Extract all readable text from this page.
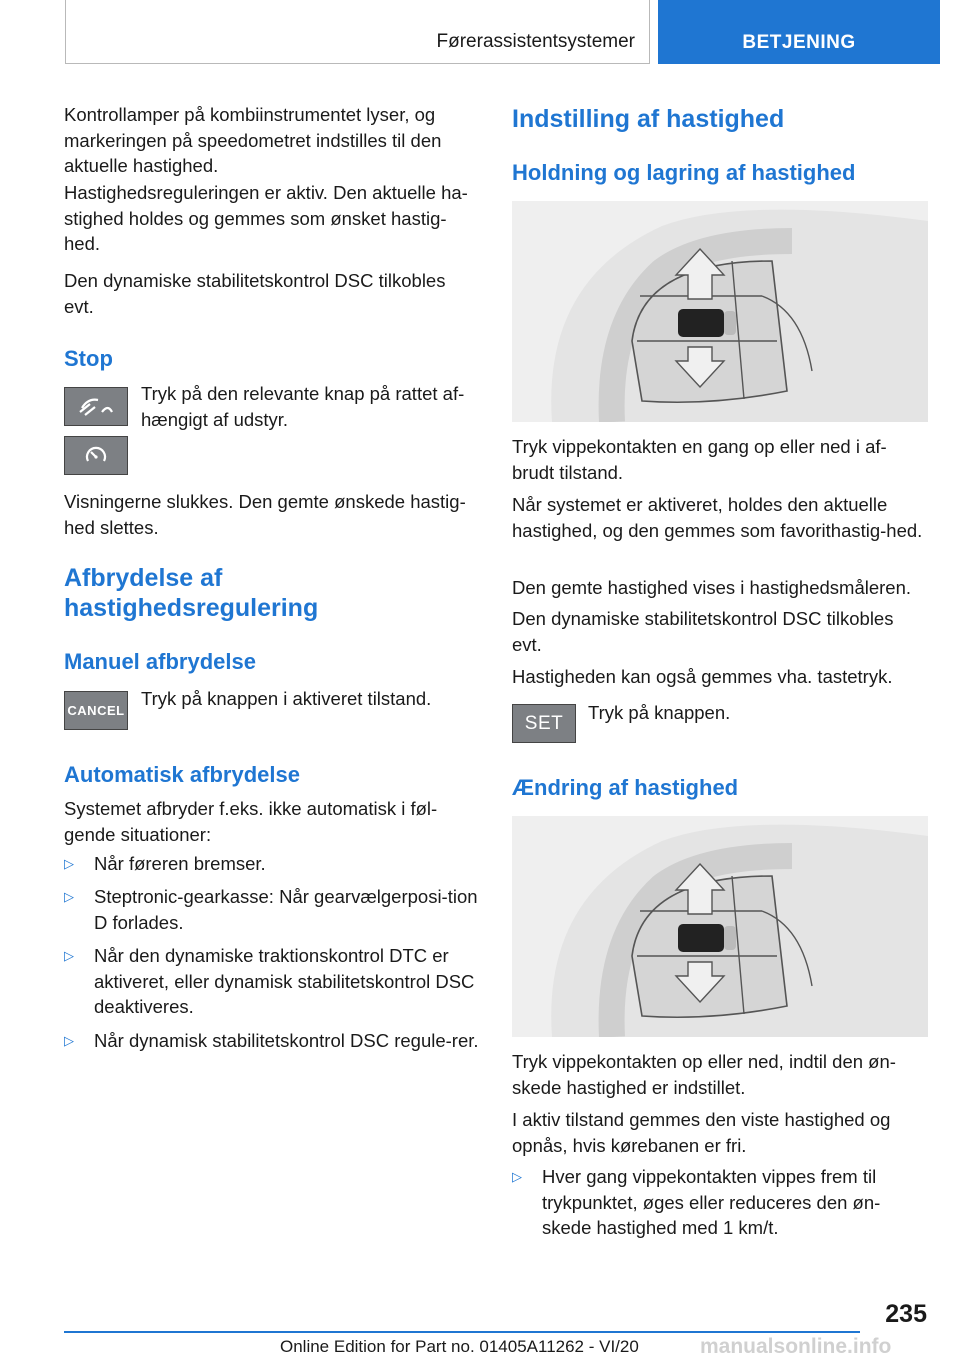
Førerassistentsystemer	BETJENING

Kontrollamper på kombiinstrumentet lyser, og markeringen på speedometret indstilles til den aktuelle hastighed.

Hastighedsreguleringen er aktiv. Den aktuelle ha-stighed holdes og gemmes som ønsket hastig-hed.

Den dynamiske stabilitetskontrol DSC tilkobles evt.

Stop

Tryk på den relevante knap på rattet af-hængigt af udstyr.

Visningerne slukkes. Den gemte ønskede hastig-hed slettes.

Afbrydelse af hastighedsregulering
Manuel afbrydelse
CANCEL

Tryk på knappen i aktiveret tilstand.

Automatisk afbrydelse

Systemet afbryder f.eks. ikke automatisk i føl-gende situationer:

▷	Når føreren bremser.
▷	Steptronic-gearkasse: Når gearvælgerposi-tion D forlades.
▷	Når den dynamiske traktionskontrol DTC er aktiveret, eller dynamisk stabilitetskontrol DSC deaktiveres.
▷	Når dynamisk stabilitetskontrol DSC regule-rer.
Indstilling af hastighed
Holdning og lagring af hastighed

Tryk vippekontakten en gang op eller ned i af-brudt tilstand.

Når systemet er aktiveret, holdes den aktuelle hastighed, og den gemmes som favorithastig-hed.

Den gemte hastighed vises i hastighedsmåleren.

Den dynamiske stabilitetskontrol DSC tilkobles evt.

Hastigheden kan også gemmes vha. tastetryk.

SET Tryk på knappen.

Ændring af hastighed

Tryk vippekontakten op eller ned, indtil den øn-skede hastighed er indstillet.

I aktiv tilstand gemmes den viste hastighed og opnås, hvis kørebanen er fri.

▷	Hver gang vippekontakten vippes frem til trykpunktet, øges eller reduceres den øn-skede hastighed med 1 km/t.
235
manualsonline.info
Online Edition for Part no. 01405A11262 - VI/20
